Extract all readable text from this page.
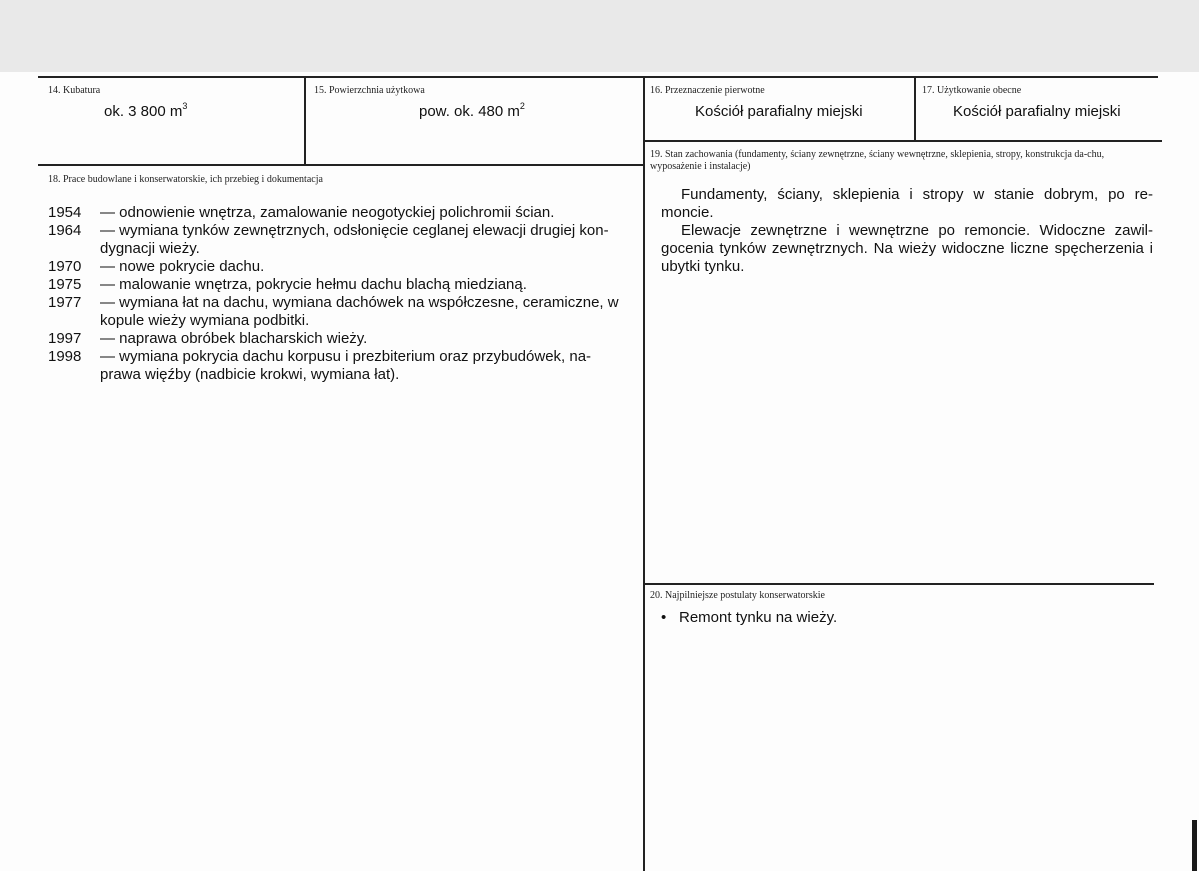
14. Kubatura
ok. 3 800 $m^3$
15. Powierzchnia użytkowa
pow. ok. 480 $m^2$
16. Przeznaczenie pierwotne
Kościół parafialny miejski
17. Użytkowanie obecne
Kościół parafialny miejski
18. Prace budowlane i konserwatorskie, ich przebieg i dokumentacja
1954 — odnowienie wnętrza, zamalowanie neogotyckiej polichromii ścian.
1964 — wymiana tynków zewnętrznych, odsłonięcie ceglanej elewacji drugiej kon-dygnacji wieży.
1970 — nowe pokrycie dachu.
1975 — malowanie wnętrza, pokrycie hełmu dachu blachą miedzianą.
1977 — wymiana łat na dachu, wymiana dachówek na współczesne, ceramiczne, w kopule wieży wymiana podbitki.
1997 — naprawa obróbek blacharskich wieży.
1998 — wymiana pokrycia dachu korpusu i prezbiterium oraz przybudówek, na-prawa więźby (nadbicie krokwi, wymiana łat).
19. Stan zachowania (fundamenty, ściany zewnętrzne, ściany wewnętrzne, sklepienia, stropy, konstrukcja da-chu, wyposażenie i instalacje)

Fundamenty, ściany, sklepienia i stropy w stanie dobrym, po re-moncie.

Elewacje zewnętrzne i wewnętrzne po remoncie. Widoczne zawil-gocenia tynków zewnętrznych. Na wieży widoczne liczne spęcherzenia i ubytki tynku.

20. Najpilniejsze postulaty konserwatorskie
• Remont tynku na wieży.
